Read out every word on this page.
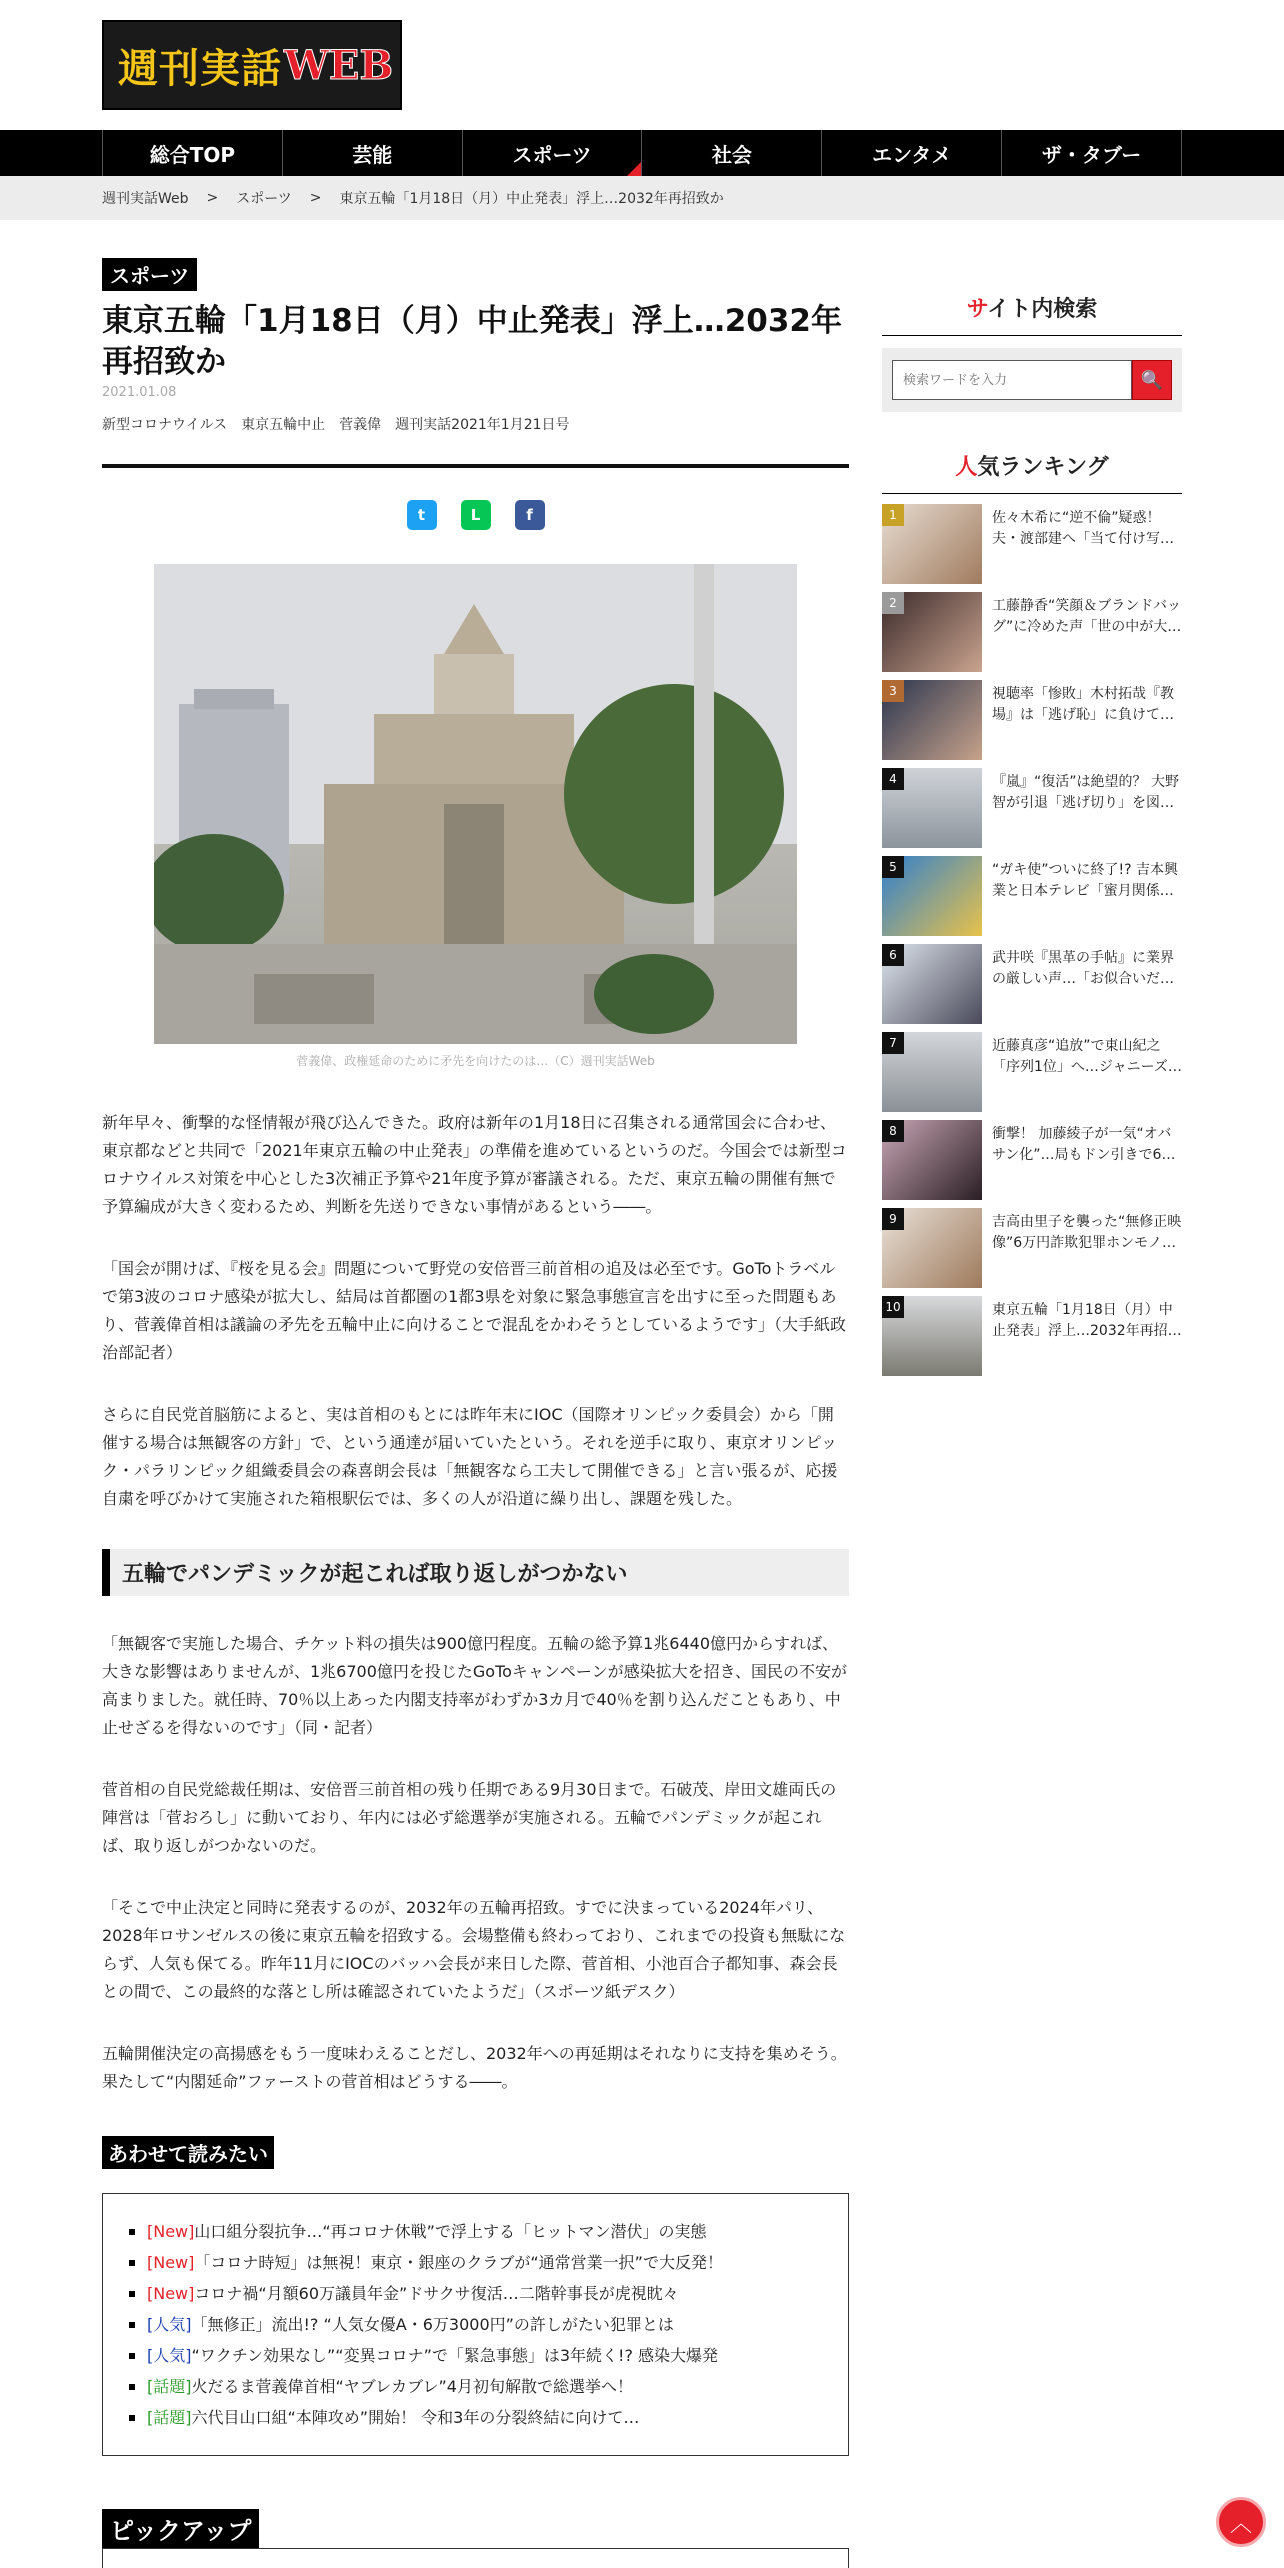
週刊実話 WEB
総合TOP	芸能	スポーツ	社会	エンタメ	ザ・タブー
週刊実話Web > スポーツ > 東京五輪「1月18日（月）中止発表」浮上…2032年再招致か
スポーツ
東京五輪「1月18日（月）中止発表」浮上…2032年再招致か
2021.01.08
新型コロナウイルス 東京五輪中止 菅義偉 週刊実話2021年1月21日号
t	L	f
菅義偉、政権延命のために矛先を向けたのは…（C）週刊実話Web

新年早々、衝撃的な怪情報が飛び込んできた。政府は新年の1月18日に召集される通常国会に合わせ、東京都などと共同で「2021年東京五輪の中止発表」の準備を進めているというのだ。今国会では新型コロナウイルス対策を中心とした3次補正予算や21年度予算が審議される。ただ、東京五輪の開催有無で予算編成が大きく変わるため、判断を先送りできない事情があるという――。

「国会が開けば、『桜を見る会』問題について野党の安倍晋三前首相の追及は必至です。GoToトラベルで第3波のコロナ感染が拡大し、結局は首都圏の1都3県を対象に緊急事態宣言を出すに至った問題もあり、菅義偉首相は議論の矛先を五輪中止に向けることで混乱をかわそうとしているようです」（大手紙政治部記者）

さらに自民党首脳筋によると、実は首相のもとには昨年末にIOC（国際オリンピック委員会）から「開催する場合は無観客の方針」で、という通達が届いていたという。それを逆手に取り、東京オリンピック・パラリンピック組織委員会の森喜朗会長は「無観客なら工夫して開催できる」と言い張るが、応援自粛を呼びかけて実施された箱根駅伝では、多くの人が沿道に繰り出し、課題を残した。

五輪でパンデミックが起これば取り返しがつかない

「無観客で実施した場合、チケット料の損失は900億円程度。五輪の総予算1兆6440億円からすれば、大きな影響はありませんが、1兆6700億円を投じたGoToキャンペーンが感染拡大を招き、国民の不安が高まりました。就任時、70％以上あった内閣支持率がわずか3カ月で40％を割り込んだこともあり、中止せざるを得ないのです」（同・記者）

菅首相の自民党総裁任期は、安倍晋三前首相の残り任期である9月30日まで。石破茂、岸田文雄両氏の陣営は「菅おろし」に動いており、年内には必ず総選挙が実施される。五輪でパンデミックが起これば、取り返しがつかないのだ。

「そこで中止決定と同時に発表するのが、2032年の五輪再招致。すでに決まっている2024年パリ、2028年ロサンゼルスの後に東京五輪を招致する。会場整備も終わっており、これまでの投資も無駄にならず、人気も保てる。昨年11月にIOCのバッハ会長が来日した際、菅首相、小池百合子都知事、森会長との間で、この最終的な落とし所は確認されていたようだ」（スポーツ紙デスク）

五輪開催決定の高揚感をもう一度味わえることだし、2032年への再延期はそれなりに支持を集めそう。果たして“内閣延命”ファーストの菅首相はどうする――。

あわせて読みたい
[New]山口組分裂抗争…“再コロナ休戦”で浮上する「ヒットマン潜伏」の実態
[New]「コロナ時短」は無視！東京・銀座のクラブが“通常営業一択”で大反発！
[New]コロナ禍“月額60万議員年金”ドサクサ復活…二階幹事長が虎視眈々
[人気]「無修正」流出!? “人気女優A・6万3000円”の許しがたい犯罪とは
[人気]“ワクチン効果なし”“変異コロナ”で「緊急事態」は3年続く!? 感染大爆発
[話題]火だるま菅義偉首相“ヤブレカブレ”4月初旬解散で総選挙へ！
[話題]六代目山口組“本陣攻め”開始！ 令和3年の分裂終結に向けて…
ピックアップ
サイト内検索
検索ワードを入力
🔍
人気ランキング
1	佐々木希に“逆不倫”疑惑！夫・渡部建へ「当て付け写…
2	工藤静香“笑顔＆ブランドバッグ”に冷めた声「世の中が大…
3	視聴率「惨敗」木村拓哉『教場』は「逃げ恥」に負けて…
4	『嵐』“復活”は絶望的？ 大野智が引退「逃げ切り」を図…
5	“ガキ使”ついに終了!? 吉本興業と日本テレビ「蜜月関係…
6	武井咲『黒革の手帖』に業界の厳しい声…「お似合いだ…
7	近藤真彦“追放”で東山紀之「序列1位」へ…ジャニーズ…
8	衝撃！ 加藤綾子が一気“オバサン化”…局もドン引きで6…
9	吉高由里子を襲った“無修正映像”6万円詐欺犯罪ホンモノ…
10	東京五輪「1月18日（月）中止発表」浮上…2032年再招…
︿
